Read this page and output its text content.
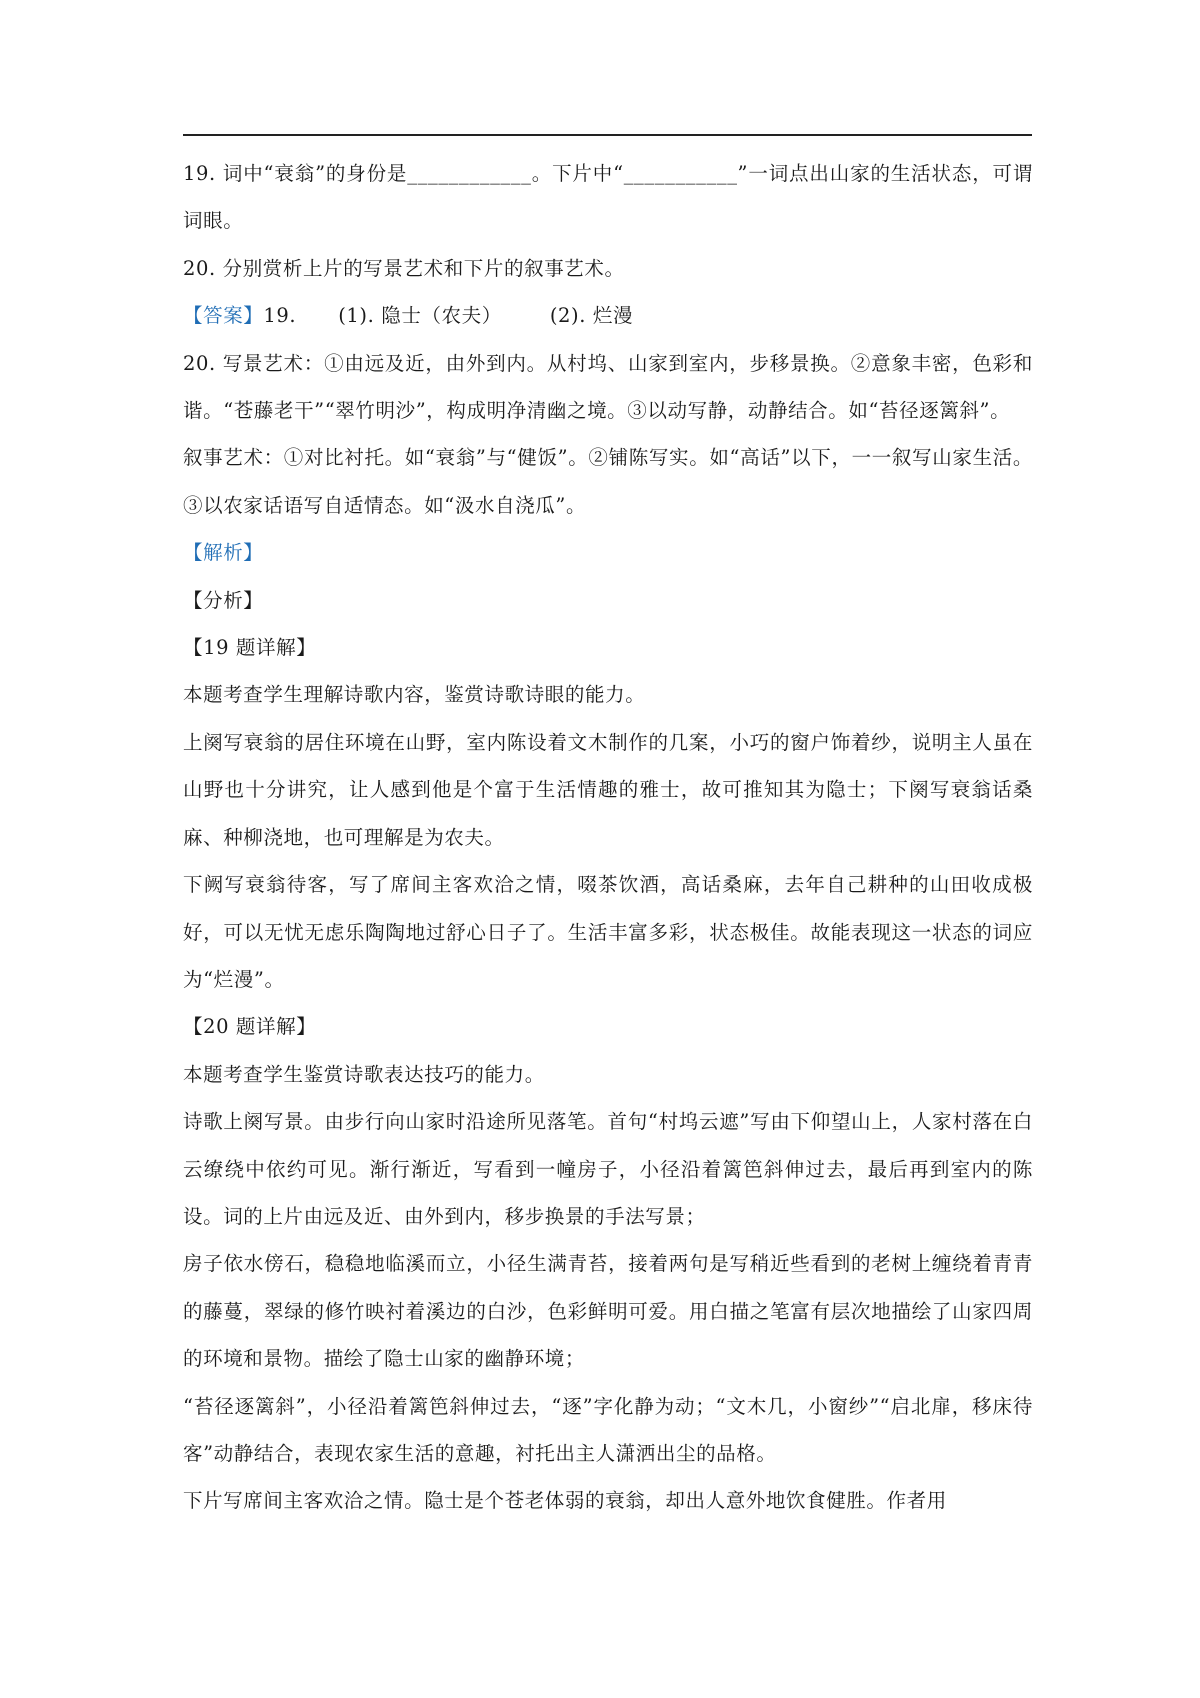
19. 词中“衰翁”的身份是____________。下片中“___________”一词点出山家的生活状态，可谓词眼。

20. 分别赏析上片的写景艺术和下片的叙事艺术。

【答案】19. (1). 隐士（农夫） (2). 烂漫

20. 写景艺术：①由远及近，由外到内。从村坞、山家到室内，步移景换。②意象丰密，色彩和谐。“苍藤老干”“翠竹明沙”，构成明净清幽之境。③以动写静，动静结合。如“苔径逐篱斜”。

叙事艺术：①对比衬托。如“衰翁”与“健饭”。②铺陈写实。如“高话”以下，一一叙写山家生活。③以农家话语写自适情态。如“汲水自浇瓜”。

【解析】

【分析】

【19 题详解】

本题考查学生理解诗歌内容，鉴赏诗歌诗眼的能力。

上阕写衰翁的居住环境在山野，室内陈设着文木制作的几案，小巧的窗户饰着纱，说明主人虽在山野也十分讲究，让人感到他是个富于生活情趣的雅士，故可推知其为隐士；下阕写衰翁话桑麻、种柳浇地，也可理解是为农夫。

下阙写衰翁待客，写了席间主客欢洽之情，啜茶饮酒，高话桑麻，去年自己耕种的山田收成极好，可以无忧无虑乐陶陶地过舒心日子了。生活丰富多彩，状态极佳。故能表现这一状态的词应为“烂漫”。

【20 题详解】

本题考查学生鉴赏诗歌表达技巧的能力。

诗歌上阕写景。由步行向山家时沿途所见落笔。首句“村坞云遮”写由下仰望山上，人家村落在白云缭绕中依约可见。渐行渐近，写看到一幢房子，小径沿着篱笆斜伸过去，最后再到室内的陈设。词的上片由远及近、由外到内，移步换景的手法写景；

房子依水傍石，稳稳地临溪而立，小径生满青苔，接着两句是写稍近些看到的老树上缠绕着青青的藤蔓，翠绿的修竹映衬着溪边的白沙，色彩鲜明可爱。用白描之笔富有层次地描绘了山家四周的环境和景物。描绘了隐士山家的幽静环境；

“苔径逐篱斜”，小径沿着篱笆斜伸过去，“逐”字化静为动；“文木几，小窗纱”“启北扉，移床待客”动静结合，表现农家生活的意趣，衬托出主人潇洒出尘的品格。

下片写席间主客欢洽之情。隐士是个苍老体弱的衰翁，却出人意外地饮食健胜。作者用
